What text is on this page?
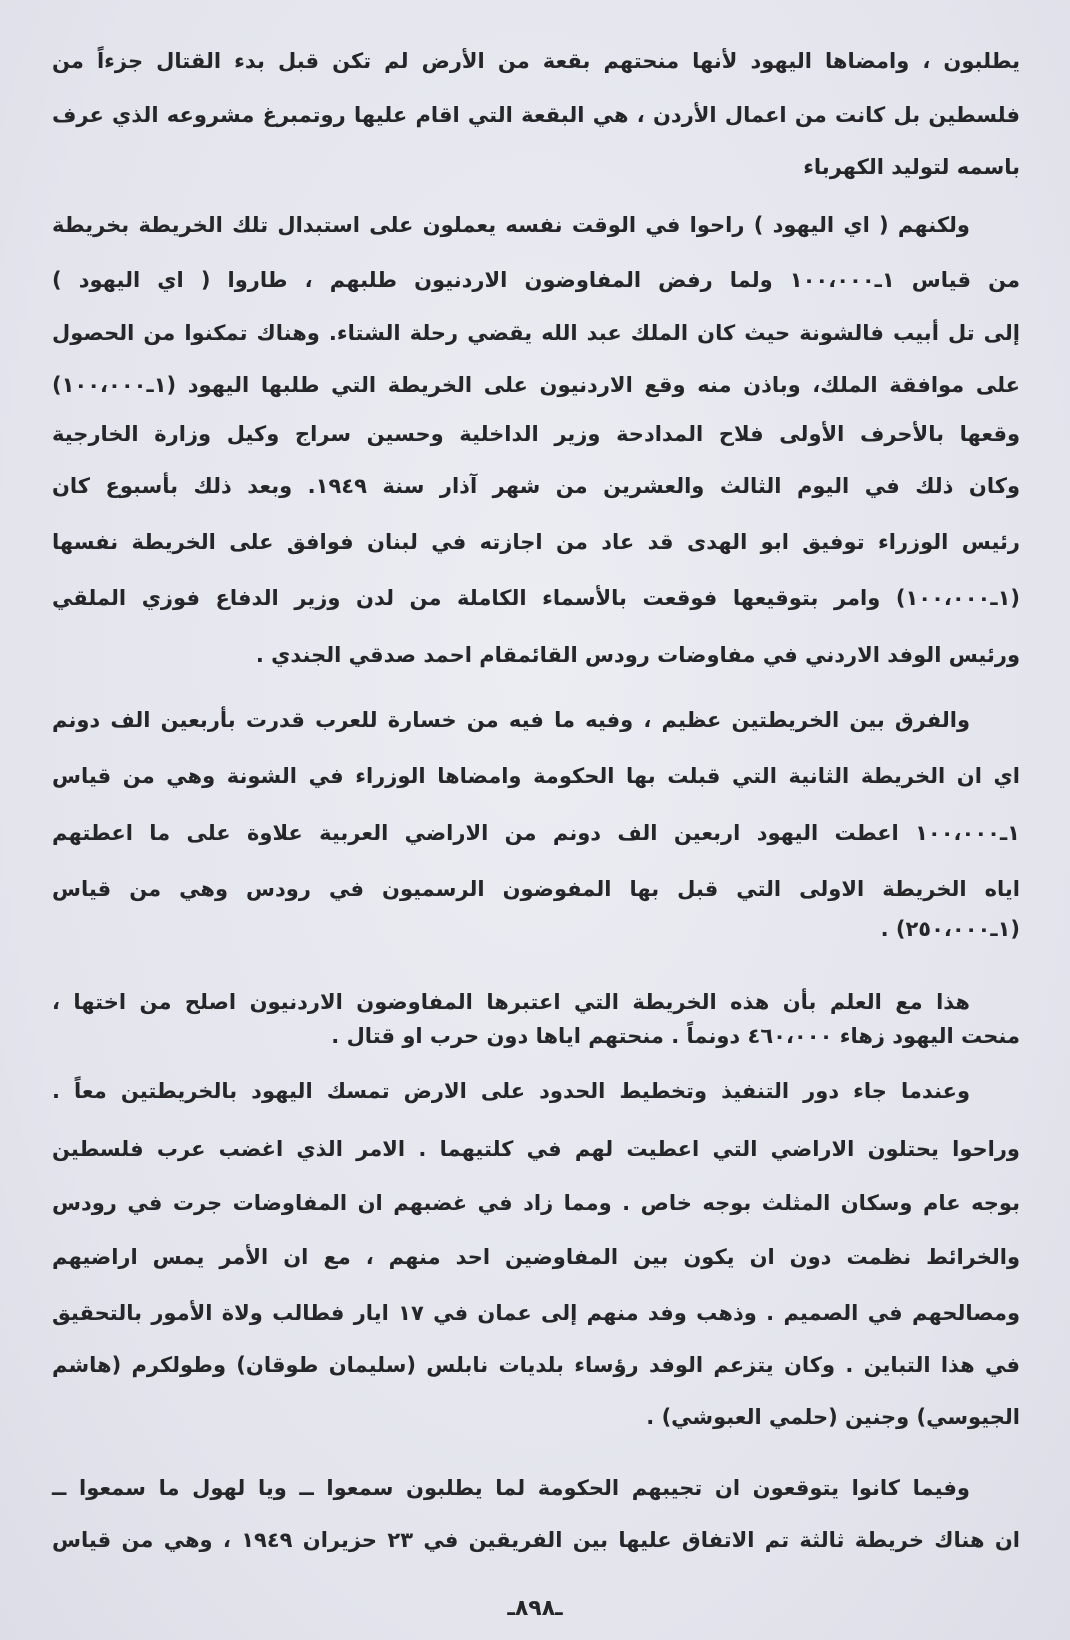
يطلبون ، وامضاها اليهود لأنها منحتهم بقعة من الأرض لم تكن قبل بدء القتال جزءاً من
فلسطين بل كانت من اعمال الأردن ، هي البقعة التي اقام عليها روتمبرغ مشروعه الذي عرف
باسمه لتوليد الكهرباء
ولكنهم ( اي اليهود ) راحوا في الوقت نفسه يعملون على استبدال تلك الخريطة بخريطة
من قياس ١ـ١٠٠،٠٠٠ ولما رفض المفاوضون الاردنيون طلبهم ، طاروا ( اي اليهود )
إلى تل أبيب فالشونة حيث كان الملك عبد الله يقضي رحلة الشتاء. وهناك تمكنوا من الحصول
على موافقة الملك، وباذن منه وقع الاردنيون على الخريطة التي طلبها اليهود (١ـ١٠٠،٠٠٠)
وقعها بالأحرف الأولى فلاح المدادحة وزير الداخلية وحسين سراج وكيل وزارة الخارجية
وكان ذلك في اليوم الثالث والعشرين من شهر آذار سنة ١٩٤٩. وبعد ذلك بأسبوع كان
رئيس الوزراء توفيق ابو الهدى قد عاد من اجازته في لبنان فوافق على الخريطة نفسها
(١ـ١٠٠،٠٠٠) وامر بتوقيعها فوقعت بالأسماء الكاملة من لدن وزير الدفاع فوزي الملقي
ورئيس الوفد الاردني في مفاوضات رودس القائمقام احمد صدقي الجندي .
والفرق بين الخريطتين عظيم ، وفيه ما فيه من خسارة للعرب قدرت بأربعين الف دونم
اي ان الخريطة الثانية التي قبلت بها الحكومة وامضاها الوزراء في الشونة وهي من قياس
١ـ١٠٠،٠٠٠ اعطت اليهود اربعين الف دونم من الاراضي العربية علاوة على ما اعطتهم
اياه الخريطة الاولى التي قبل بها المفوضون الرسميون في رودس وهي من قياس
(١ـ٢٥٠،٠٠٠) .
هذا مع العلم بأن هذه الخريطة التي اعتبرها المفاوضون الاردنيون اصلح من اختها ،
منحت اليهود زهاء ٤٦٠،٠٠٠ دونماً . منحتهم اياها دون حرب او قتال .
وعندما جاء دور التنفيذ وتخطيط الحدود على الارض تمسك اليهود بالخريطتين معاً .
وراحوا يحتلون الاراضي التي اعطيت لهم في كلتيهما . الامر الذي اغضب عرب فلسطين
بوجه عام وسكان المثلث بوجه خاص . ومما زاد في غضبهم ان المفاوضات جرت في رودس
والخرائط نظمت دون ان يكون بين المفاوضين احد منهم ، مع ان الأمر يمس اراضيهم
ومصالحهم في الصميم . وذهب وفد منهم إلى عمان في ١٧ ايار فطالب ولاة الأمور بالتحقيق
في هذا التباين . وكان يتزعم الوفد رؤساء بلديات نابلس (سليمان طوقان) وطولكرم (هاشم
الجيوسي) وجنين (حلمي العبوشي) .
وفيما كانوا يتوقعون ان تجيبهم الحكومة لما يطلبون سمعوا ــ ويا لهول ما سمعوا ــ
ان هناك خريطة ثالثة تم الاتفاق عليها بين الفريقين في ٢٣ حزيران ١٩٤٩ ، وهي من قياس
ـ٨٩٨ـ
